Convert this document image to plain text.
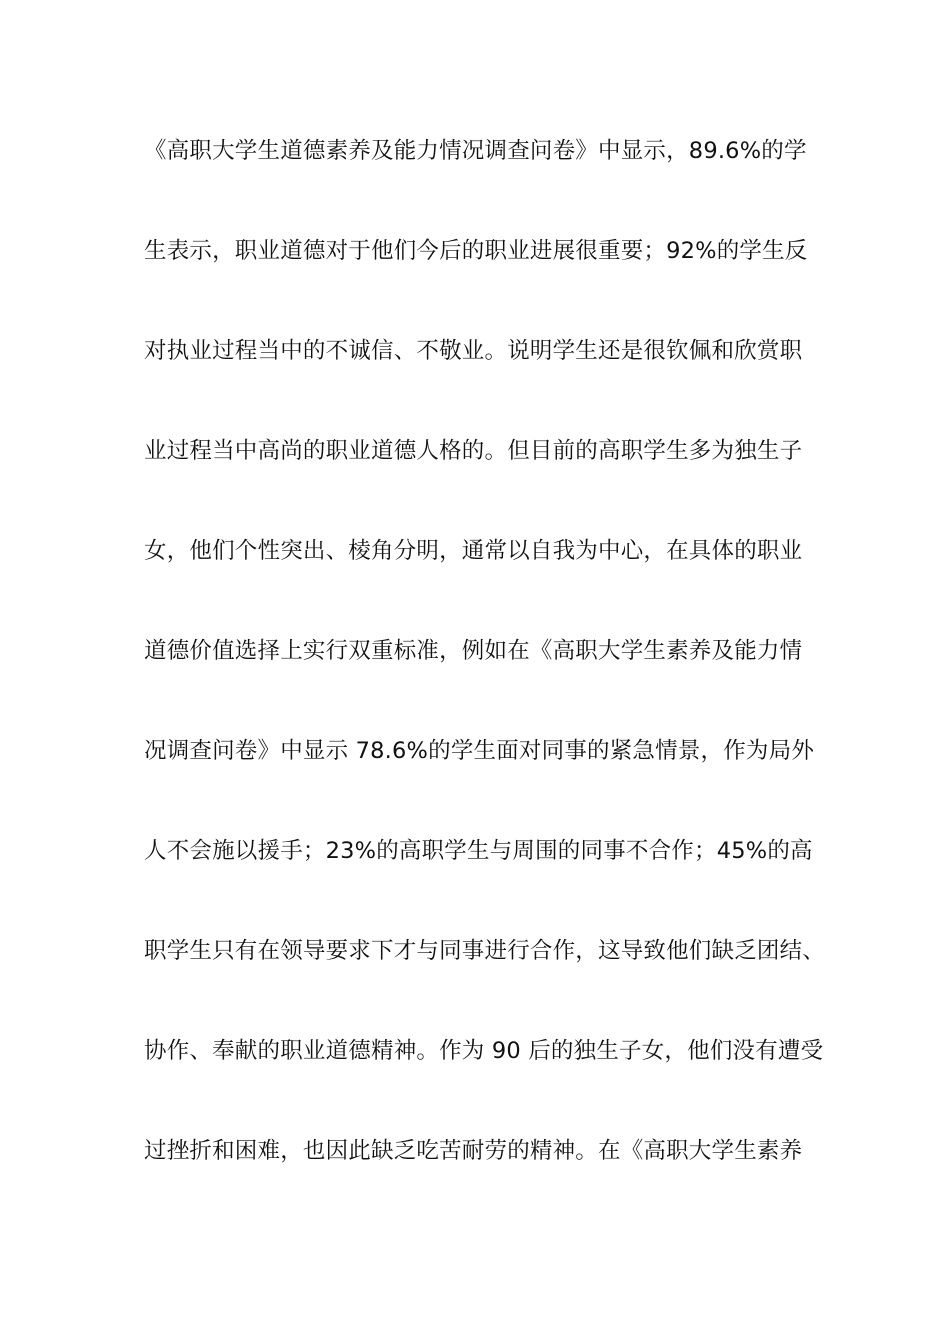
《高职大学生道德素养及能力情况调查问卷》中显示，89.6%的学
生表示，职业道德对于他们今后的职业进展很重要；92%的学生反
对执业过程当中的不诚信、不敬业。说明学生还是很钦佩和欣赏职
业过程当中高尚的职业道德人格的。但目前的高职学生多为独生子
女，他们个性突出、棱角分明，通常以自我为中心，在具体的职业
道德价值选择上实行双重标准，例如在《高职大学生素养及能力情
况调查问卷》中显示 78.6%的学生面对同事的紧急情景，作为局外
人不会施以援手；23%的高职学生与周围的同事不合作；45%的高
职学生只有在领导要求下才与同事进行合作，这导致他们缺乏团结、
协作、奉献的职业道德精神。作为 90 后的独生子女，他们没有遭受
过挫折和困难，也因此缺乏吃苦耐劳的精神。在《高职大学生素养
